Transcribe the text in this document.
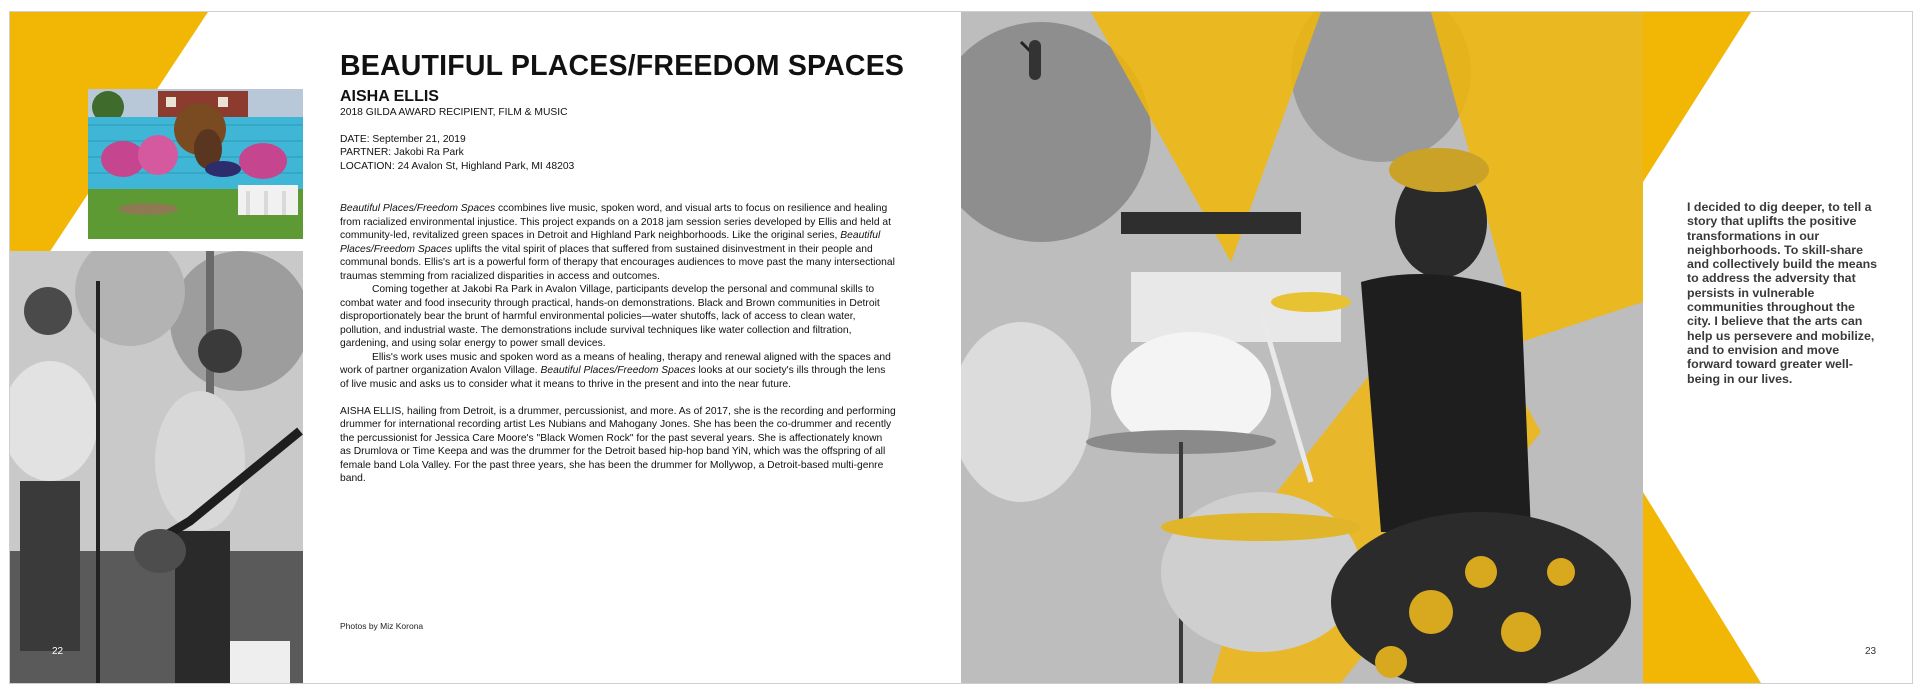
BEAUTIFUL PLACES/FREEDOM SPACES
AISHA ELLIS
2018 GILDA AWARD RECIPIENT, FILM & MUSIC
DATE: September 21, 2019
PARTNER: Jakobi Ra Park
LOCATION: 24 Avalon St, Highland Park, MI 48203

Beautiful Places/Freedom Spaces ccombines live music, spoken word, and visual arts to focus on resilience and healing from racialized environmental injustice. This project expands on a 2018 jam session series developed by Ellis and held at community-led, revitalized green spaces in Detroit and Highland Park neighborhoods. Like the original series, Beautiful Places/Freedom Spaces uplifts the vital spirit of places that suffered from sustained disinvestment in their people and communal bonds. Ellis's art is a powerful form of therapy that encourages audiences to move past the many intersectional traumas stemming from racialized disparities in access and outcomes.

Coming together at Jakobi Ra Park in Avalon Village, participants develop the personal and communal skills to combat water and food insecurity through practical, hands-on demonstrations. Black and Brown communities in Detroit disproportionately bear the brunt of harmful environmental policies—water shutoffs, lack of access to clean water, pollution, and industrial waste. The demonstrations include survival techniques like water collection and filtration, gardening, and using solar energy to power small devices.

Ellis's work uses music and spoken word as a means of healing, therapy and renewal aligned with the spaces and work of partner organization Avalon Village. Beautiful Places/Freedom Spaces looks at our society's ills through the lens of live music and asks us to consider what it means to thrive in the present and into the near future.

AISHA ELLIS, hailing from Detroit, is a drummer, percussionist, and more. As of 2017, she is the recording and performing drummer for international recording artist Les Nubians and Mahogany Jones. She has been the co-drummer and recently the percussionist for Jessica Care Moore's "Black Women Rock" for the past several years. She is affectionately known as Drumlova or Time Keepa and was the drummer for the Detroit based hip-hop band YiN, which was the offspring of all female band Lola Valley. For the past three years, she has been the drummer for Mollywop, a Detroit-based multi-genre band.

Photos by Miz Korona
22

I decided to dig deeper, to tell a story that uplifts the positive transformations in our neighborhoods. To skill-share and collectively build the means to address the adversity that persists in vulnerable communities throughout the city. I believe that the arts can help us persevere and mobilize, and to envision and move forward toward greater well-being in our lives.

23
